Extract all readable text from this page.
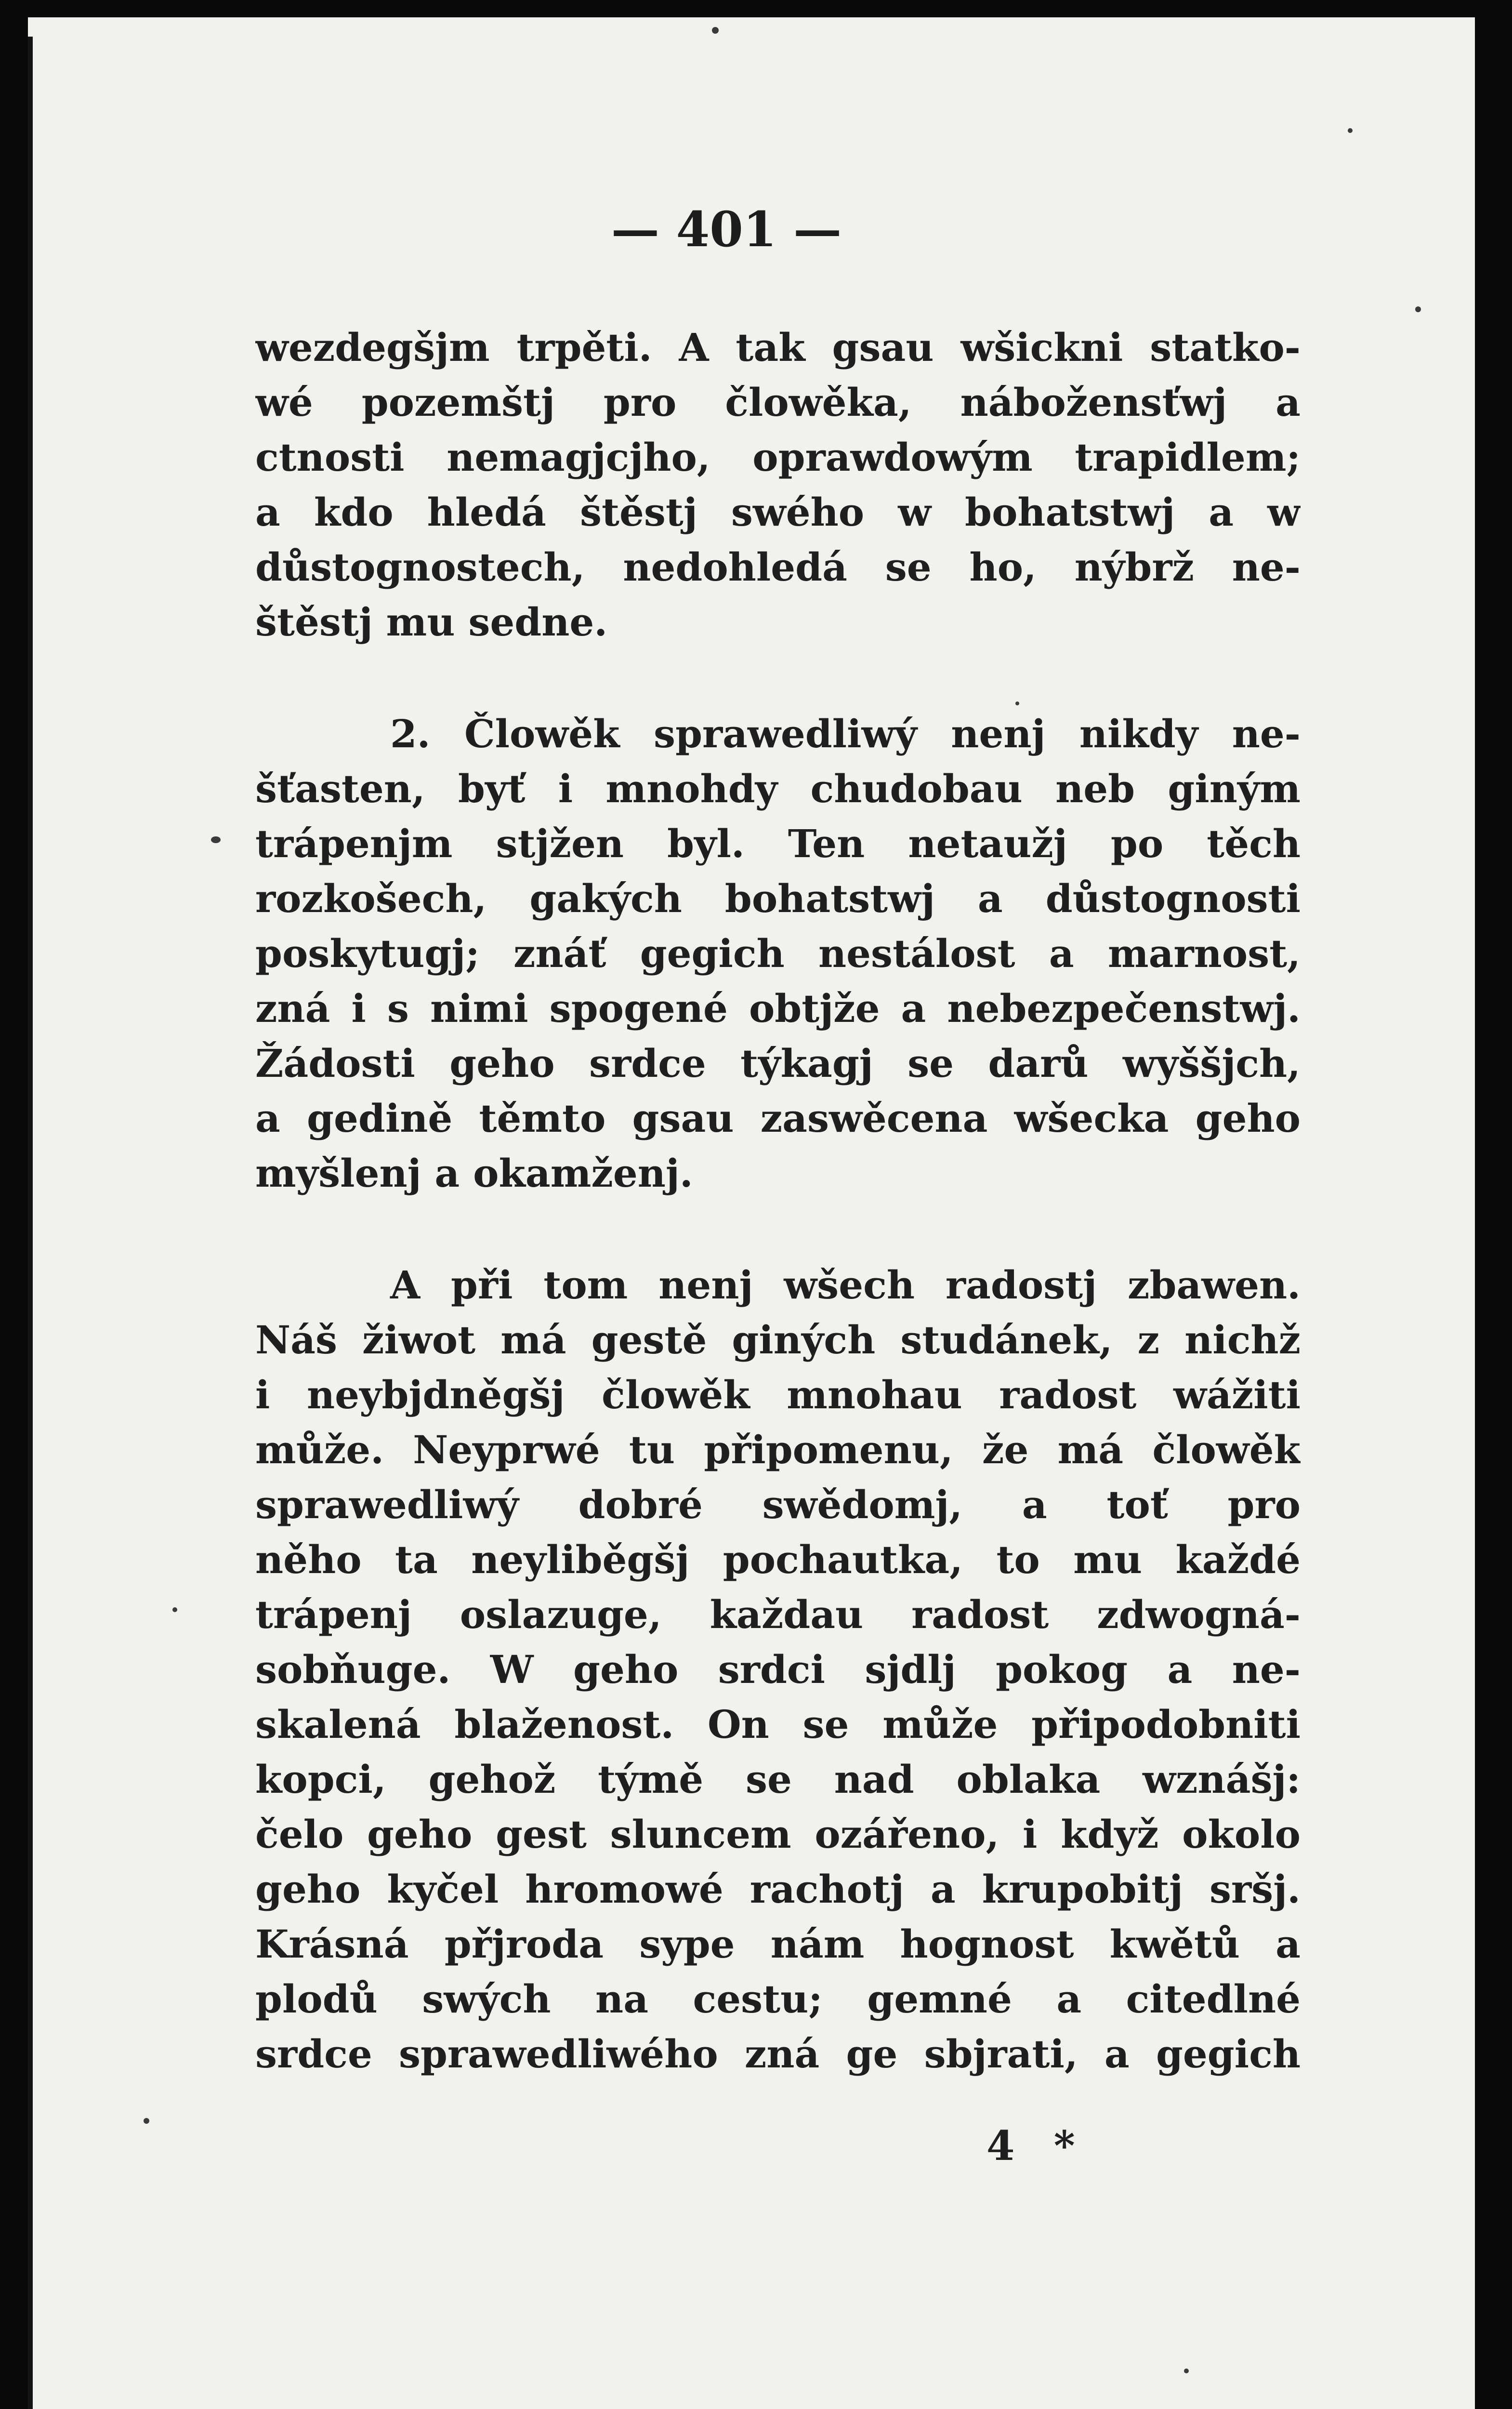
— 401 —
wezdegšjm trpěti. A tak gsau wšickni statko-
wé pozemštj pro člowěka, nábožensťwj a
ctnosti nemagjcjho, oprawdowým trapidlem;
a kdo hledá štěstj swého w bohatstwj a w
důstognostech, nedohledá se ho, nýbrž ne-
štěstj mu sedne.
2. Člowěk sprawedliwý nenj nikdy ne-
šťasten, byť i mnohdy chudobau neb giným
trápenjm stjžen byl. Ten netaužj po těch
rozkošech, gakých bohatstwj a důstognosti
poskytugj; znáť gegich nestálost a marnost,
zná i s nimi spogené obtjže a nebezpečenstwj.
Žádosti geho srdce týkagj se darů wyššjch,
a gedině těmto gsau zaswěcena wšecka geho
myšlenj a okamženj.
A při tom nenj wšech radostj zbawen.
Náš žiwot má gestě giných studánek, z nichž
i neybjdněgšj člowěk mnohau radost wážiti
může. Neyprwé tu připomenu, že má člowěk
sprawedliwý dobré swědomj, a toť pro
něho ta neyliběgšj pochautka, to mu každé
trápenj oslazuge, každau radost zdwogná-
sobňuge. W geho srdci sjdlj pokog a ne-
skalená blaženost. On se může připodobniti
kopci, gehož týmě se nad oblaka wznášj:
čelo geho gest sluncem ozářeno, i když okolo
geho kyčel hromowé rachotj a krupobitj sršj.
Krásná přjroda sype nám hognost kwětů a
plodů swých na cestu; gemné a citedlné
srdce sprawedliwého zná ge sbjrati, a gegich
4 *
